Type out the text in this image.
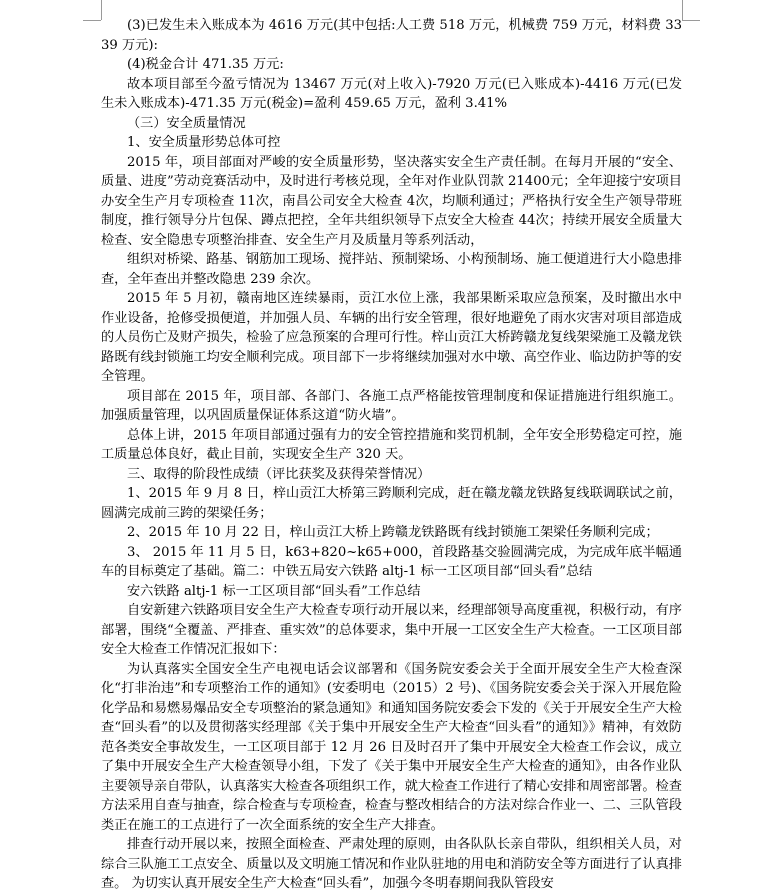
(3)已发生未入账成本为 4616 万元(其中包括:人工费 518 万元，机械费 759 万元，材料费 3339 万元):

(4)税金合计 471.35 万元:

故本项目部至今盈亏情况为 13467 万元(对上收入)-7920 万元(已入账成本)-4416 万元(已发生未入账成本)-471.35 万元(税金)=盈利 459.65 万元，盈利 3.41%

（三）安全质量情况

1、安全质量形势总体可控

2015 年，项目部面对严峻的安全质量形势，坚决落实安全生产责任制。在每月开展的“安全、质量、进度”劳动竞赛活动中，及时进行考核兑现，全年对作业队罚款 21400元；全年迎接宁安项目办安全生产月专项检查 11次，南昌公司安全大检查 4次，均顺利通过；严格执行安全生产领导带班制度，推行领导分片包保、蹲点把控，全年共组织领导下点安全大检查 44次；持续开展安全质量大检查、安全隐患专项整治排查、安全生产月及质量月等系列活动，

组织对桥梁、路基、钢筋加工现场、搅拌站、预制梁场、小构预制场、施工便道进行大小隐患排查，全年查出并整改隐患 239 余次。

2015 年 5 月初，赣南地区连续暴雨，贡江水位上涨，我部果断采取应急预案，及时撤出水中作业设备，抢修受损便道，并加强人员、车辆的出行安全管理，很好地避免了雨水灾害对项目部造成的人员伤亡及财产损失，检验了应急预案的合理可行性。梓山贡江大桥跨赣龙复线架梁施工及赣龙铁路既有线封锁施工均安全顺利完成。项目部下一步将继续加强对水中墩、高空作业、临边防护等的安全管理。

项目部在 2015 年，项目部、各部门、各施工点严格能按管理制度和保证措施进行组织施工。加强质量管理，以巩固质量保证体系这道“防火墙”。

总体上讲，2015 年项目部通过强有力的安全管控措施和奖罚机制，全年安全形势稳定可控，施工质量总体良好，截止目前，实现安全生产 320 天。

三、取得的阶段性成绩（评比获奖及获得荣誉情况）

1、2015 年 9 月 8 日，梓山贡江大桥第三跨顺利完成，赶在赣龙赣龙铁路复线联调联试之前，圆满完成前三跨的架梁任务；

2、2015 年 10 月 22 日，梓山贡江大桥上跨赣龙铁路既有线封锁施工架梁任务顺利完成；

3、 2015 年 11 月 5 日，k63+820~k65+000，首段路基交验圆满完成，为完成年底半幅通车的目标奠定了基础。篇二：中铁五局安六铁路 altj-1 标一工区项目部“回头看”总结

安六铁路 altj-1 标一工区项目部“回头看”工作总结

自安新建六铁路项目安全生产大检查专项行动开展以来，经理部领导高度重视，积极行动，有序部署，围绕“全覆盖、严排查、重实效”的总体要求，集中开展一工区安全生产大检查。一工区项目部安全大检查工作情况汇报如下：

为认真落实全国安全生产电视电话会议部署和《国务院安委会关于全面开展安全生产大检查深化“打非治违”和专项整治工作的通知》(安委明电（2015）2 号)、《国务院安委会关于深入开展危险化学品和易燃易爆品安全专项整治的紧急通知》和通知国务院安委会下发的《关于开展安全生产大检查“回头看”的以及贯彻落实经理部《关于集中开展安全生产大检查“回头看”的通知》》精神，有效防范各类安全事故发生，一工区项目部于 12 月 26 日及时召开了集中开展安全大检查工作会议，成立了集中开展安全生产大检查领导小组，下发了《关于集中开展安全生产大检查的通知》，由各作业队主要领导亲自带队，认真落实大检查各项组织工作，就大检查工作进行了精心安排和周密部署。检查方法采用自查与抽查，综合检查与专项检查，检查与整改相结合的方法对综合作业一、二、三队管段类正在施工的工点进行了一次全面系统的安全生产大排查。

排查行动开展以来，按照全面检查、严肃处理的原则，由各队队长亲自带队，组织相关人员，对综合三队施工工点安全、质量以及文明施工情况和作业队驻地的用电和消防安全等方面进行了认真排查。 为切实认真开展安全生产大检查“回头看”，加强今冬明春期间我队管段安
